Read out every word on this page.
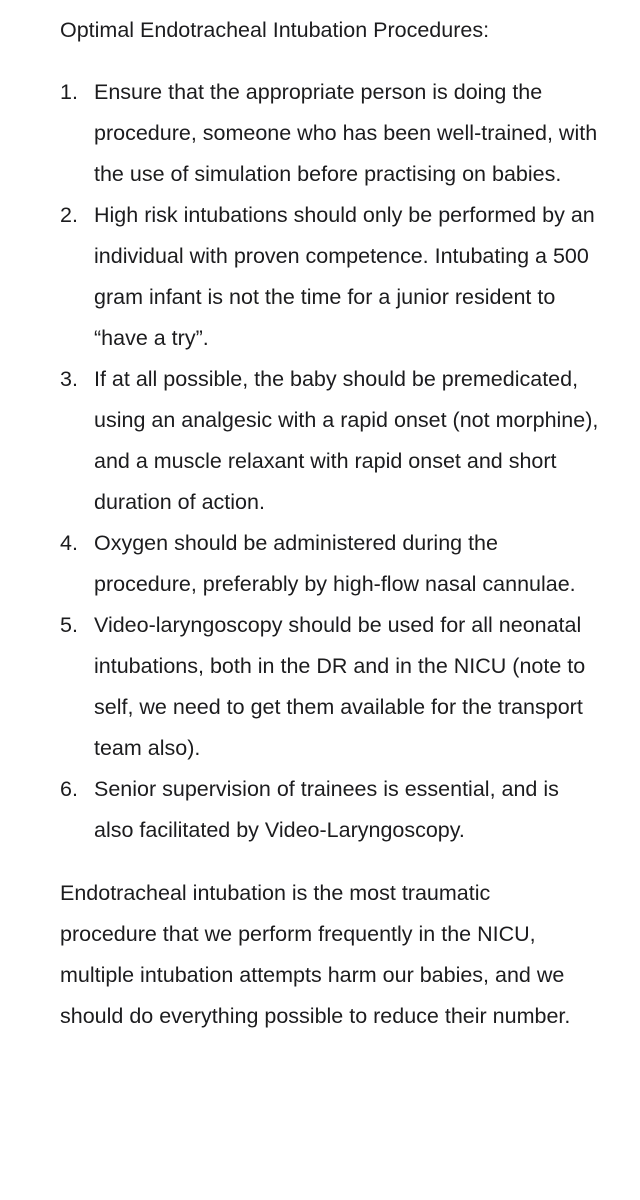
Optimal Endotracheal Intubation Procedures:
1. Ensure that the appropriate person is doing the procedure, someone who has been well-trained, with the use of simulation before practising on babies.
2. High risk intubations should only be performed by an individual with proven competence. Intubating a 500 gram infant is not the time for a junior resident to “have a try”.
3. If at all possible, the baby should be premedicated, using an analgesic with a rapid onset (not morphine), and a muscle relaxant with rapid onset and short duration of action.
4. Oxygen should be administered during the procedure, preferably by high-flow nasal cannulae.
5. Video-laryngoscopy should be used for all neonatal intubations, both in the DR and in the NICU (note to self, we need to get them available for the transport team also).
6. Senior supervision of trainees is essential, and is also facilitated by Video-Laryngoscopy.

Endotracheal intubation is the most traumatic procedure that we perform frequently in the NICU, multiple intubation attempts harm our babies, and we should do everything possible to reduce their number.
